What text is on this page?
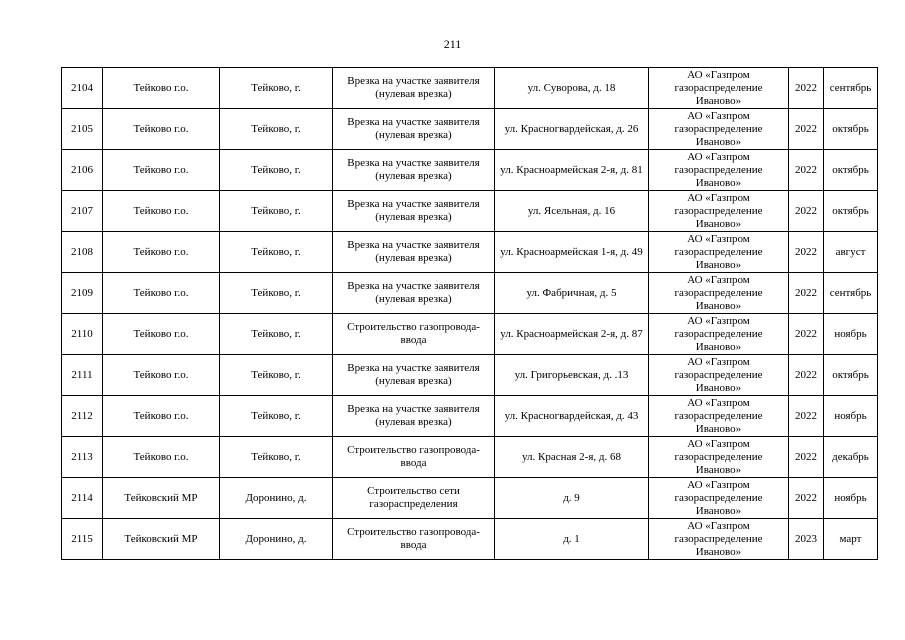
211
2104	Тейково г.о.	Тейково, г.	Врезка на участке заявителя (нулевая врезка)	ул. Суворова, д. 18	АО «Газпром газораспределение Иваново»	2022	сентябрь
2105	Тейково г.о.	Тейково, г.	Врезка на участке заявителя (нулевая врезка)	ул. Красногвардейская, д. 26	АО «Газпром газораспределение Иваново»	2022	октябрь
2106	Тейково г.о.	Тейково, г.	Врезка на участке заявителя (нулевая врезка)	ул. Красноармейская 2-я, д. 81	АО «Газпром газораспределение Иваново»	2022	октябрь
2107	Тейково г.о.	Тейково, г.	Врезка на участке заявителя (нулевая врезка)	ул. Ясельная, д. 16	АО «Газпром газораспределение Иваново»	2022	октябрь
2108	Тейково г.о.	Тейково, г.	Врезка на участке заявителя (нулевая врезка)	ул. Красноармейская 1-я, д. 49	АО «Газпром газораспределение Иваново»	2022	август
2109	Тейково г.о.	Тейково, г.	Врезка на участке заявителя (нулевая врезка)	ул. Фабричная, д. 5	АО «Газпром газораспределение Иваново»	2022	сентябрь
2110	Тейково г.о.	Тейково, г.	Строительство газопровода-ввода	ул. Красноармейская 2-я, д. 87	АО «Газпром газораспределение Иваново»	2022	ноябрь
2111	Тейково г.о.	Тейково, г.	Врезка на участке заявителя (нулевая врезка)	ул. Григорьевская, д. .13	АО «Газпром газораспределение Иваново»	2022	октябрь
2112	Тейково г.о.	Тейково, г.	Врезка на участке заявителя (нулевая врезка)	ул. Красногвардейская, д. 43	АО «Газпром газораспределение Иваново»	2022	ноябрь
2113	Тейково г.о.	Тейково, г.	Строительство газопровода-ввода	ул. Красная 2-я, д. 68	АО «Газпром газораспределение Иваново»	2022	декабрь
2114	Тейковский МР	Доронино, д.	Строительство сети газораспределения	д. 9	АО «Газпром газораспределение Иваново»	2022	ноябрь
2115	Тейковский МР	Доронино, д.	Строительство газопровода-ввода	д. 1	АО «Газпром газораспределение Иваново»	2023	март
